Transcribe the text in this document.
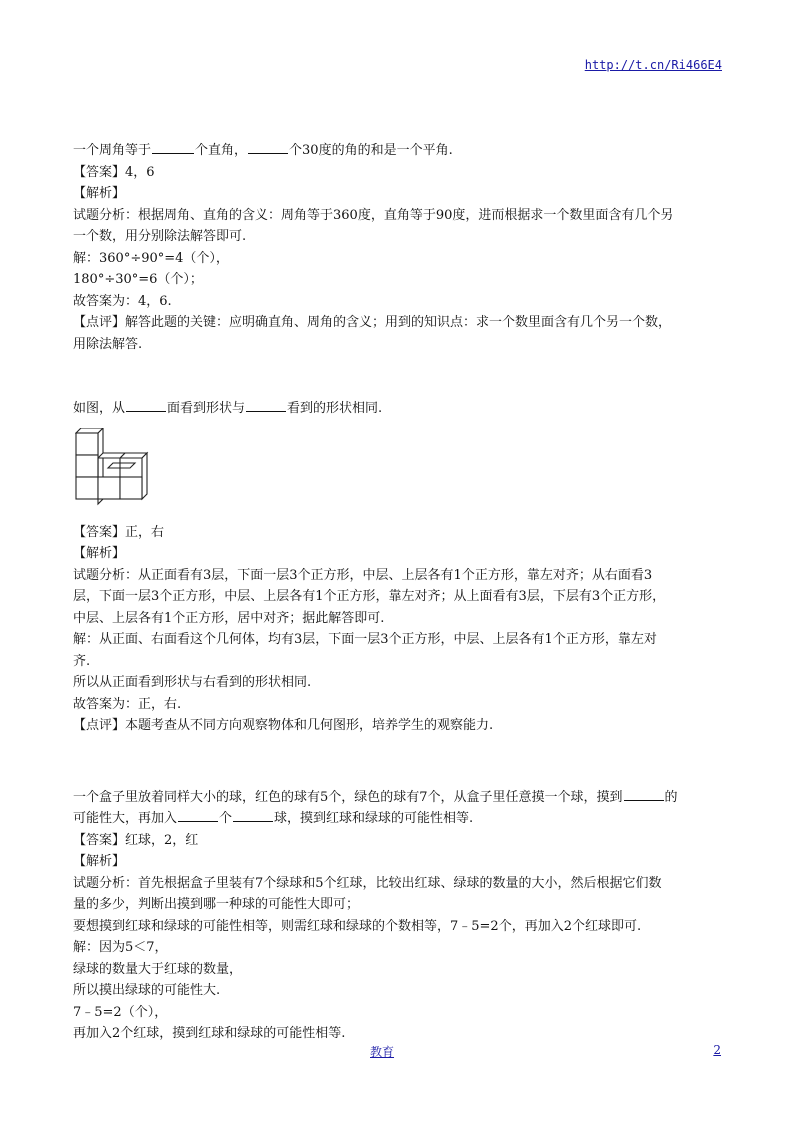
http://t.cn/Ri466E4
一个周角等于	个直角，	个30度的角的和是一个平角.
【答案】4，6
【解析】
试题分析：根据周角、直角的含义：周角等于360度，直角等于90度，进而根据求一个数里面含有几个另
一个数，用分别除法解答即可.
解：360°÷90°=4（个），
180°÷30°=6（个）；
故答案为：4，6.
【点评】解答此题的关键：应明确直角、周角的含义；用到的知识点：求一个数里面含有几个另一个数，
用除法解答.
如图，从	面看到形状与	看到的形状相同.
【答案】正，右
【解析】
试题分析：从正面看有3层，下面一层3个正方形，中层、上层各有1个正方形，靠左对齐；从右面看3
层，下面一层3个正方形，中层、上层各有1个正方形，靠左对齐；从上面看有3层，下层有3个正方形，
中层、上层各有1个正方形，居中对齐；据此解答即可.
解：从正面、右面看这个几何体，均有3层，下面一层3个正方形，中层、上层各有1个正方形，靠左对
齐.
所以从正面看到形状与右看到的形状相同.
故答案为：正，右.
【点评】本题考查从不同方向观察物体和几何图形，培养学生的观察能力.
一个盒子里放着同样大小的球，红色的球有5个，绿色的球有7个，从盒子里任意摸一个球，摸到	的
可能性大，再加入	个	球，摸到红球和绿球的可能性相等.
【答案】红球，2，红
【解析】
试题分析：首先根据盒子里装有7个绿球和5个红球，比较出红球、绿球的数量的大小，然后根据它们数
量的多少，判断出摸到哪一种球的可能性大即可；
要想摸到红球和绿球的可能性相等，则需红球和绿球的个数相等，7﹣5=2个，再加入2个红球即可.
解：因为5＜7，
绿球的数量大于红球的数量，
所以摸出绿球的可能性大.
7﹣5=2（个），
再加入2个红球，摸到红球和绿球的可能性相等.
教育	2
